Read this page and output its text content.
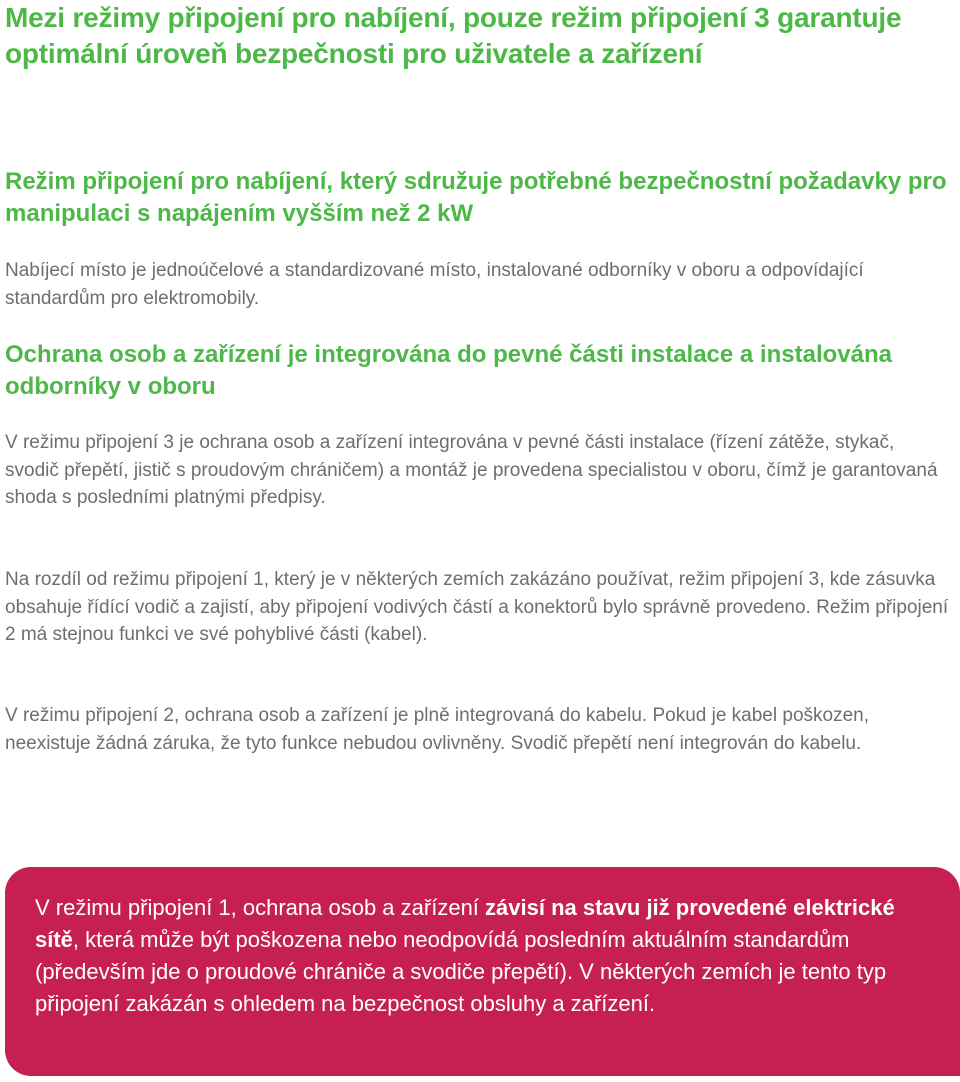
Mezi režimy připojení pro nabíjení, pouze režim připojení 3 garantuje optimální úroveň bezpečnosti pro uživatele a zařízení
Režim připojení pro nabíjení, který sdružuje potřebné bezpečnostní požadavky pro manipulaci s napájením vyšším než 2 kW

Nabíjecí místo je jednoúčelové a standardizované místo, instalované odborníky v oboru a odpovídající standardům pro elektromobily.

Ochrana osob a zařízení je integrována do pevné části instalace a instalována odborníky v oboru

V režimu připojení 3 je ochrana osob a zařízení integrována v pevné části instalace (řízení zátěže, stykač, svodič přepětí, jistič s proudovým chráničem) a montáž je provedena specialistou v oboru, čímž je garantovaná shoda s posledními platnými předpisy.

Na rozdíl od režimu připojení 1, který je v některých zemích zakázáno používat, režim připojení 3, kde zásuvka obsahuje řídící vodič a zajistí, aby připojení vodivých částí a konektorů bylo správně provedeno. Režim připojení 2 má stejnou funkci ve své pohyblivé části (kabel).

V režimu připojení 2, ochrana osob a zařízení je plně integrovaná do kabelu. Pokud je kabel poškozen, neexistuje žádná záruka, že tyto funkce nebudou ovlivněny. Svodič přepětí není integrován do kabelu.

V režimu připojení 1, ochrana osob a zařízení závisí na stavu již provedené elektrické sítě, která může být poškozena nebo neodpovídá posledním aktuálním standardům (především jde o proudové chrániče a svodiče přepětí). V některých zemích je tento typ připojení zakázán s ohledem na bezpečnost obsluhy a zařízení.
